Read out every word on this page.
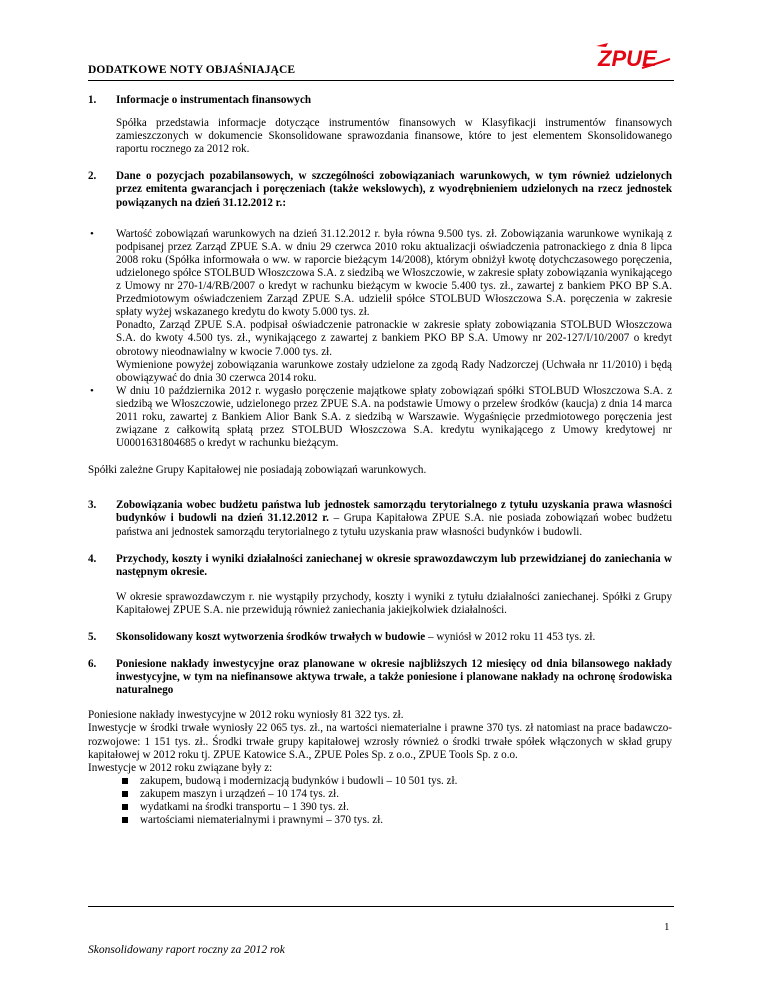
DODATKOWE NOTY OBJAŚNIAJĄCE	ZPUE
1. Informacje o instrumentach finansowych

Spółka przedstawia informacje dotyczące instrumentów finansowych w Klasyfikacji instrumentów finansowych zamieszczonych w dokumencie Skonsolidowane sprawozdania finansowe, które to jest elementem Skonsolidowanego raportu rocznego za 2012 rok.

2. Dane o pozycjach pozabilansowych, w szczególności zobowiązaniach warunkowych, w tym również udzielonych przez emitenta gwarancjach i poręczeniach (także wekslowych), z wyodrębnieniem udzielonych na rzecz jednostek powiązanych na dzień 31.12.2012 r.:
• Wartość zobowiązań warunkowych na dzień 31.12.2012 r. była równa 9.500 tys. zł. Zobowiązania warunkowe wynikają z podpisanej przez Zarząd ZPUE S.A. w dniu 29 czerwca 2010 roku aktualizacji oświadczenia patronackiego z dnia 8 lipca 2008 roku (Spółka informowała o ww. w raporcie bieżącym 14/2008), którym obniżył kwotę dotychczasowego poręczenia, udzielonego spółce STOLBUD Włoszczowa S.A. z siedzibą we Włoszczowie, w zakresie spłaty zobowiązania wynikającego z Umowy nr 270-1/4/RB/2007 o kredyt w rachunku bieżącym w kwocie 5.400 tys. zł., zawartej z bankiem PKO BP S.A. Przedmiotowym oświadczeniem Zarząd ZPUE S.A. udzielił spółce STOLBUD Włoszczowa S.A. poręczenia w zakresie spłaty wyżej wskazanego kredytu do kwoty 5.000 tys. zł.

Ponadto, Zarząd ZPUE S.A. podpisał oświadczenie patronackie w zakresie spłaty zobowiązania STOLBUD Włoszczowa S.A. do kwoty 4.500 tys. zł., wynikającego z zawartej z bankiem PKO BP S.A. Umowy nr 202-127/I/10/2007 o kredyt obrotowy nieodnawialny w kwocie 7.000 tys. zł.

Wymienione powyżej zobowiązania warunkowe zostały udzielone za zgodą Rady Nadzorczej (Uchwała nr 11/2010) i będą obowiązywać do dnia 30 czerwca 2014 roku.

• W dniu 10 października 2012 r. wygasło poręczenie majątkowe spłaty zobowiązań spółki STOLBUD Włoszczowa S.A. z siedzibą we Włoszczowie, udzielonego przez ZPUE S.A. na podstawie Umowy o przelew środków (kaucja) z dnia 14 marca 2011 roku, zawartej z Bankiem Alior Bank S.A. z siedzibą w Warszawie. Wygaśnięcie przedmiotowego poręczenia jest związane z całkowitą spłatą przez STOLBUD Włoszczowa S.A. kredytu wynikającego z Umowy kredytowej nr U0001631804685 o kredyt w rachunku bieżącym.

Spółki zależne Grupy Kapitałowej nie posiadają zobowiązań warunkowych.

3. Zobowiązania wobec budżetu państwa lub jednostek samorządu terytorialnego z tytułu uzyskania prawa własności budynków i budowli na dzień 31.12.2012 r. – Grupa Kapitałowa ZPUE S.A. nie posiada zobowiązań wobec budżetu państwa ani jednostek samorządu terytorialnego z tytułu uzyskania praw własności budynków i budowli.

4. Przychody, koszty i wyniki działalności zaniechanej w okresie sprawozdawczym lub przewidzianej do zaniechania w następnym okresie.

W okresie sprawozdawczym r. nie wystąpiły przychody, koszty i wyniki z tytułu działalności zaniechanej. Spółki z Grupy Kapitałowej ZPUE S.A. nie przewidują również zaniechania jakiejkolwiek działalności.

5. Skonsolidowany koszt wytworzenia środków trwałych w budowie – wyniósł w 2012 roku 11 453 tys. zł.

6. Poniesione nakłady inwestycyjne oraz planowane w okresie najbliższych 12 miesięcy od dnia bilansowego nakłady inwestycyjne, w tym na niefinansowe aktywa trwałe, a także poniesione i planowane nakłady na ochronę środowiska naturalnego

Poniesione nakłady inwestycyjne w 2012 roku wyniosły 81 322 tys. zł.

Inwestycje w środki trwałe wyniosły 22 065 tys. zł., na wartości niematerialne i prawne 370 tys. zł natomiast na prace badawczo-rozwojowe: 1 151 tys. zł.. Środki trwałe grupy kapitałowej wzrosły również o środki trwałe spółek włączonych w skład grupy kapitałowej w 2012 roku tj. ZPUE Katowice S.A., ZPUE Poles Sp. z o.o., ZPUE Tools Sp. z o.o.

Inwestycje w 2012 roku związane były z:

zakupem, budową i modernizacją budynków i budowli – 10 501 tys. zł.
zakupem maszyn i urządzeń – 10 174 tys. zł.
wydatkami na środki transportu – 1 390 tys. zł.
wartościami niematerialnymi i prawnymi – 370 tys. zł.
1
Skonsolidowany raport roczny za 2012 rok
